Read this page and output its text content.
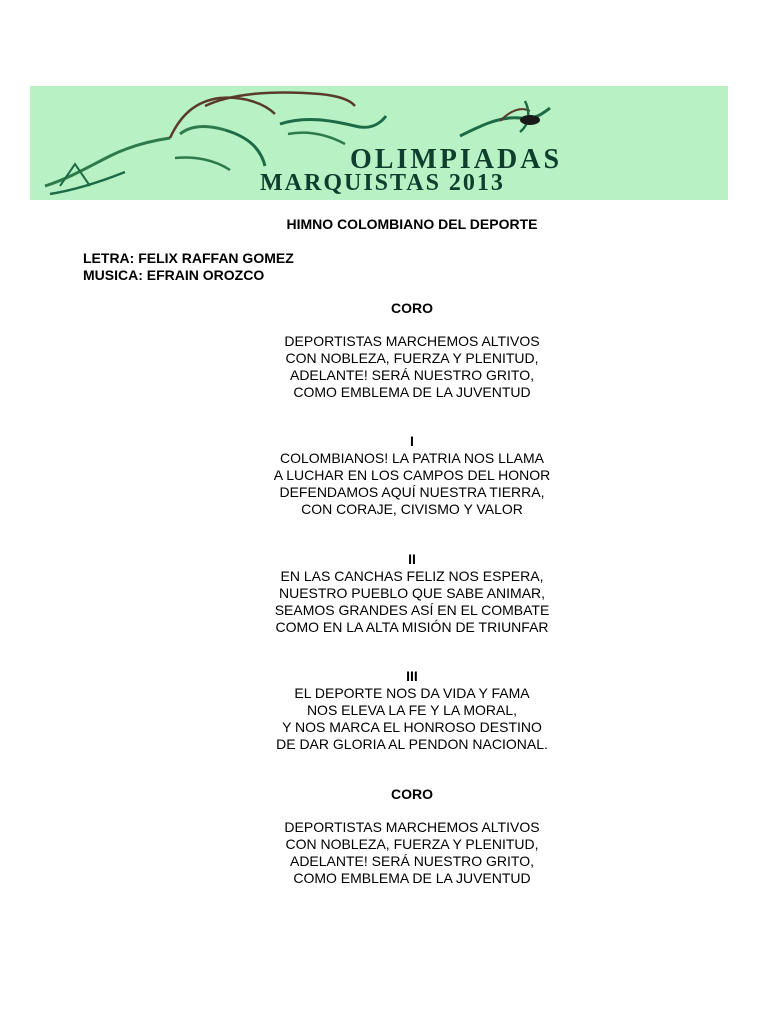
OLIMPIADAS
MARQUISTAS 2013
HIMNO COLOMBIANO DEL DEPORTE
LETRA: FELIX RAFFAN GOMEZ
MUSICA: EFRAIN OROZCO
CORO
DEPORTISTAS MARCHEMOS ALTIVOS
CON NOBLEZA, FUERZA Y PLENITUD,
ADELANTE! SERÁ NUESTRO GRITO,
COMO EMBLEMA DE LA JUVENTUD
I
COLOMBIANOS! LA PATRIA NOS LLAMA
A LUCHAR EN LOS CAMPOS DEL HONOR
DEFENDAMOS AQUÍ NUESTRA TIERRA,
CON CORAJE, CIVISMO Y VALOR
II
EN LAS CANCHAS FELIZ NOS ESPERA,
NUESTRO PUEBLO QUE SABE ANIMAR,
SEAMOS GRANDES ASÍ EN EL COMBATE
COMO EN LA ALTA MISIÓN DE TRIUNFAR
III
EL DEPORTE NOS DA VIDA Y FAMA
NOS ELEVA LA FE Y LA MORAL,
Y NOS MARCA EL HONROSO DESTINO
DE DAR GLORIA AL PENDON NACIONAL.
CORO
DEPORTISTAS MARCHEMOS ALTIVOS
CON NOBLEZA, FUERZA Y PLENITUD,
ADELANTE! SERÁ NUESTRO GRITO,
COMO EMBLEMA DE LA JUVENTUD
